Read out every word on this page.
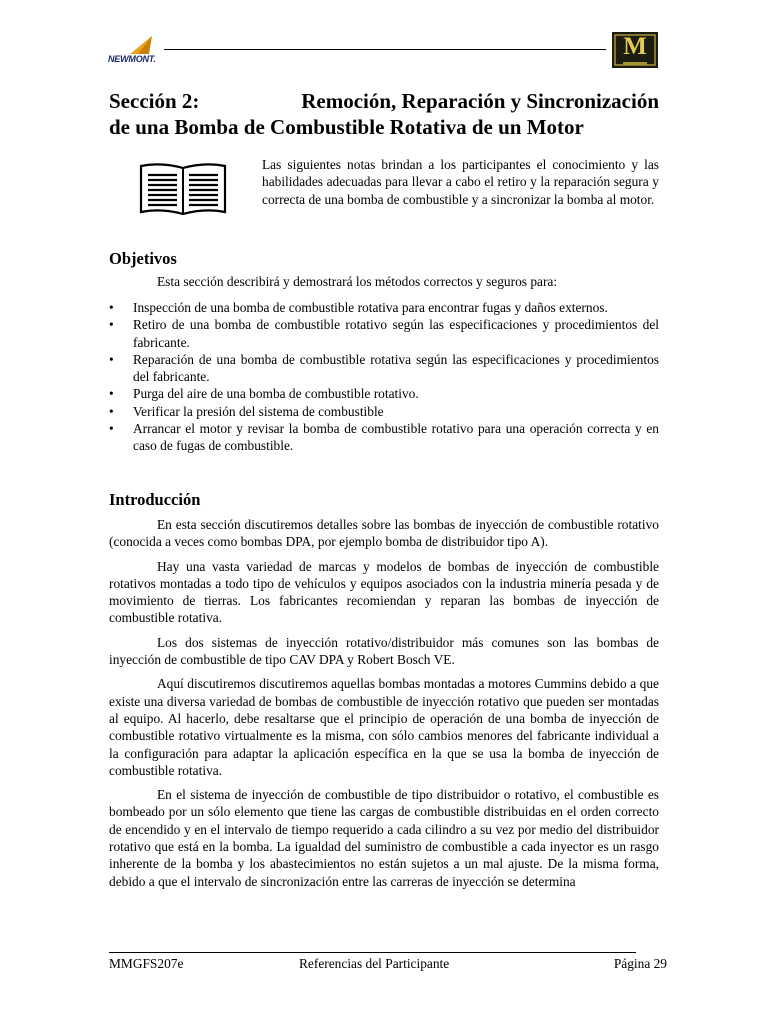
NEWMONT.	M
Sección 2:	Remoción, Reparación y Sincronización
de una Bomba de Combustible Rotativa de un Motor

Las siguientes notas brindan a los participantes el conocimiento y las habilidades adecuadas para llevar a cabo el retiro y la reparación segura y correcta de una bomba de combustible y a sincronizar la bomba al motor.

Objetivos

Esta sección describirá y demostrará los métodos correctos y seguros para:

• Inspección de una bomba de combustible rotativa para encontrar fugas y daños externos.
• Retiro de una bomba de combustible rotativo según las especificaciones y procedimientos del fabricante.
• Reparación de una bomba de combustible rotativa según las especificaciones y procedimientos del fabricante.
• Purga del aire de una bomba de combustible rotativo.
• Verificar la presión del sistema de combustible
• Arrancar el motor y revisar la bomba de combustible rotativo para una operación correcta y en caso de fugas de combustible.
Introducción

En esta sección discutiremos detalles sobre las bombas de inyección de combustible rotativo (conocida a veces como bombas DPA, por ejemplo bomba de distribuidor tipo A).

Hay una vasta variedad de marcas y modelos de bombas de inyección de combustible rotativos montadas a todo tipo de vehículos y equipos asociados con la industria minería pesada y de movimiento de tierras. Los fabricantes recomiendan y reparan las bombas de inyección de combustible rotativa.

Los dos sistemas de inyección rotativo/distribuidor más comunes son las bombas de inyección de combustible de tipo CAV DPA y Robert Bosch VE.

Aquí discutiremos discutiremos aquellas bombas montadas a motores Cummins debido a que existe una diversa variedad de bombas de combustible de inyección rotativo que pueden ser montadas al equipo. Al hacerlo, debe resaltarse que el principio de operación de una bomba de inyección de combustible rotativo virtualmente es la misma, con sólo cambios menores del fabricante individual a la configuración para adaptar la aplicación específica en la que se usa la bomba de inyección de combustible rotativa.

En el sistema de inyección de combustible de tipo distribuidor o rotativo, el combustible es bombeado por un sólo elemento que tiene las cargas de combustible distribuidas en el orden correcto de encendido y en el intervalo de tiempo requerido a cada cilindro a su vez por medio del distribuidor rotativo que está en la bomba. La igualdad del suministro de combustible a cada inyector es un rasgo inherente de la bomba y los abastecimientos no están sujetos a un mal ajuste. De la misma forma, debido a que el intervalo de sincronización entre las carreras de inyección se determina

MMGFS207e	Referencias del Participante	Página 29
